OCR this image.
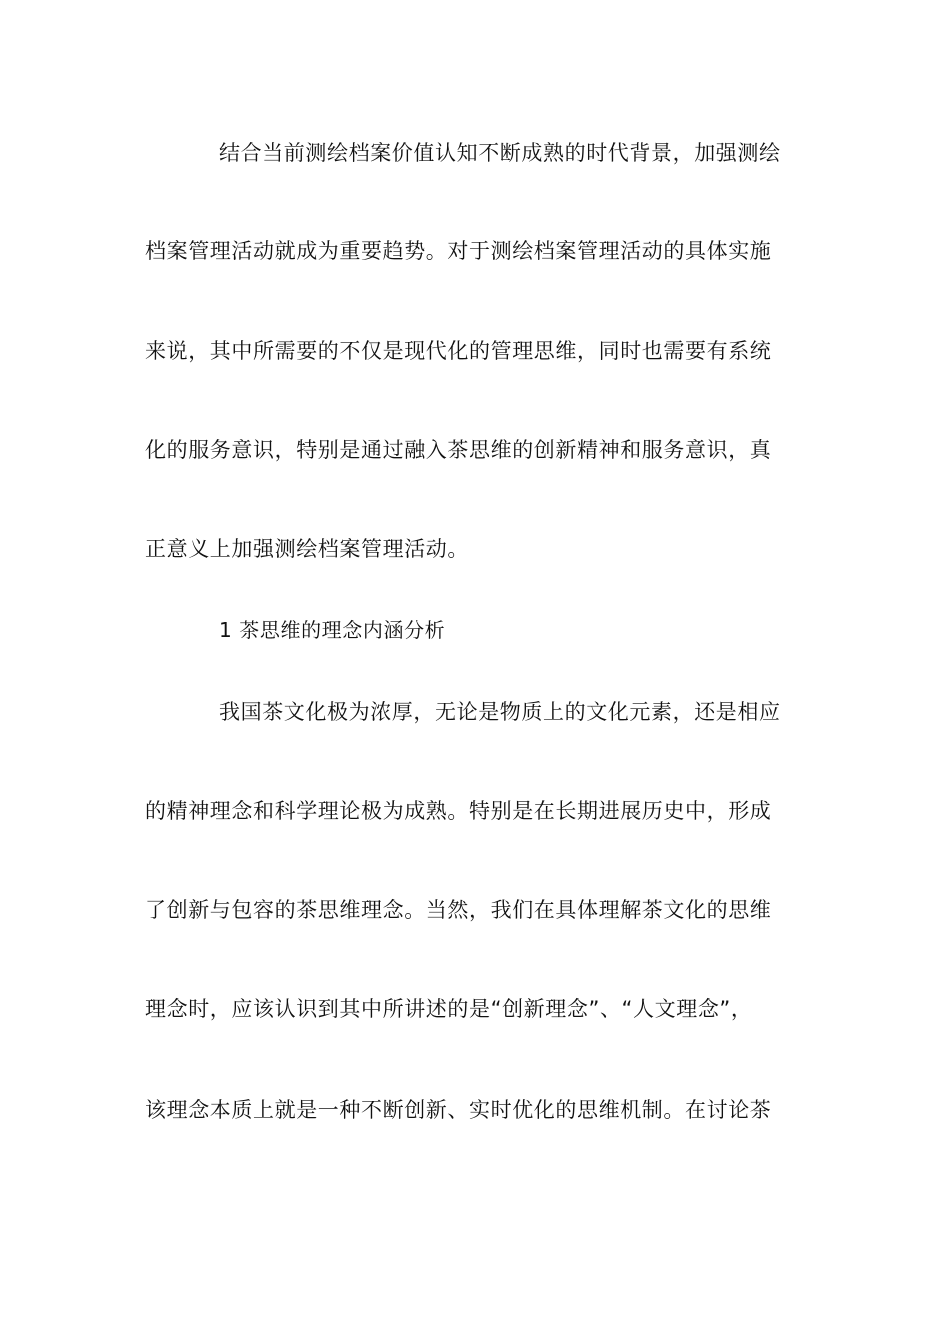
结合当前测绘档案价值认知不断成熟的时代背景，加强测绘
档案管理活动就成为重要趋势。对于测绘档案管理活动的具体实施
来说，其中所需要的不仅是现代化的管理思维，同时也需要有系统
化的服务意识，特别是通过融入茶思维的创新精神和服务意识，真
正意义上加强测绘档案管理活动。
1 茶思维的理念内涵分析
我国茶文化极为浓厚，无论是物质上的文化元素，还是相应
的精神理念和科学理论极为成熟。特别是在长期进展历史中，形成
了创新与包容的茶思维理念。当然，我们在具体理解茶文化的思维
理念时，应该认识到其中所讲述的是“创新理念”、“人文理念”，
该理念本质上就是一种不断创新、实时优化的思维机制。在讨论茶
